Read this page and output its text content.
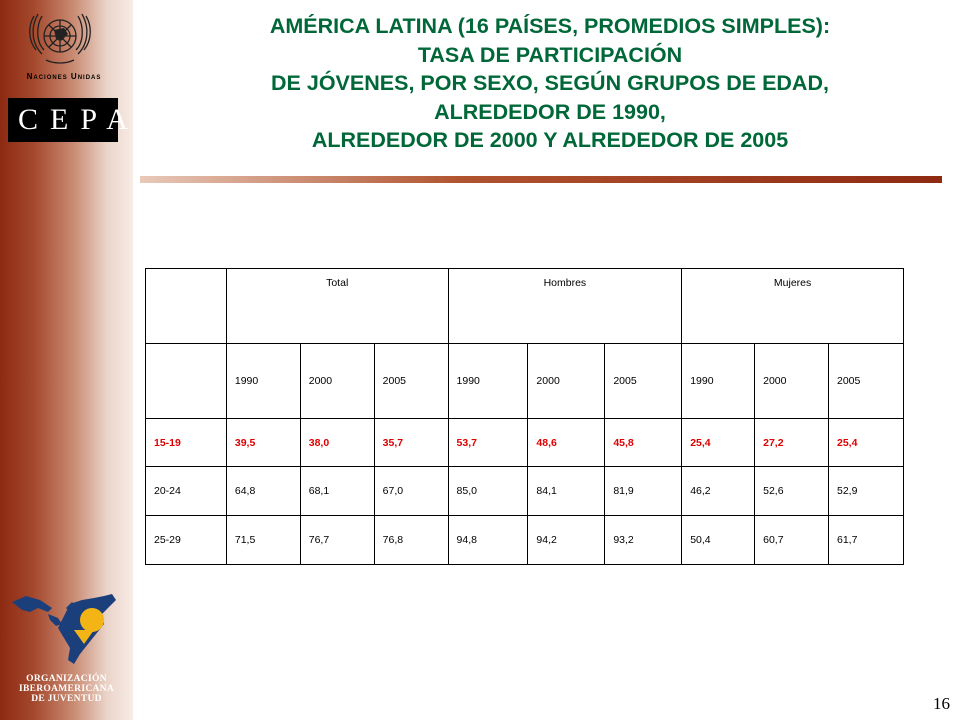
Naciones Unidas
CEPAL
ORGANIZACIÓN
IBEROAMERICANA
DE JUVENTUD
AMÉRICA LATINA (16 PAÍSES, PROMEDIOS SIMPLES):
TASA DE PARTICIPACIÓN
DE JÓVENES, POR SEXO, SEGÚN GRUPOS DE EDAD,
ALREDEDOR DE 1990,
ALREDEDOR DE 2000 Y ALREDEDOR DE 2005
	Total			Hombres			Mujeres		
	1990	2000	2005	1990	2000	2005	1990	2000	2005
15-19	39,5	38,0	35,7	53,7	48,6	45,8	25,4	27,2	25,4
20-24	64,8	68,1	67,0	85,0	84,1	81,9	46,2	52,6	52,9
25-29	71,5	76,7	76,8	94,8	94,2	93,2	50,4	60,7	61,7
16
